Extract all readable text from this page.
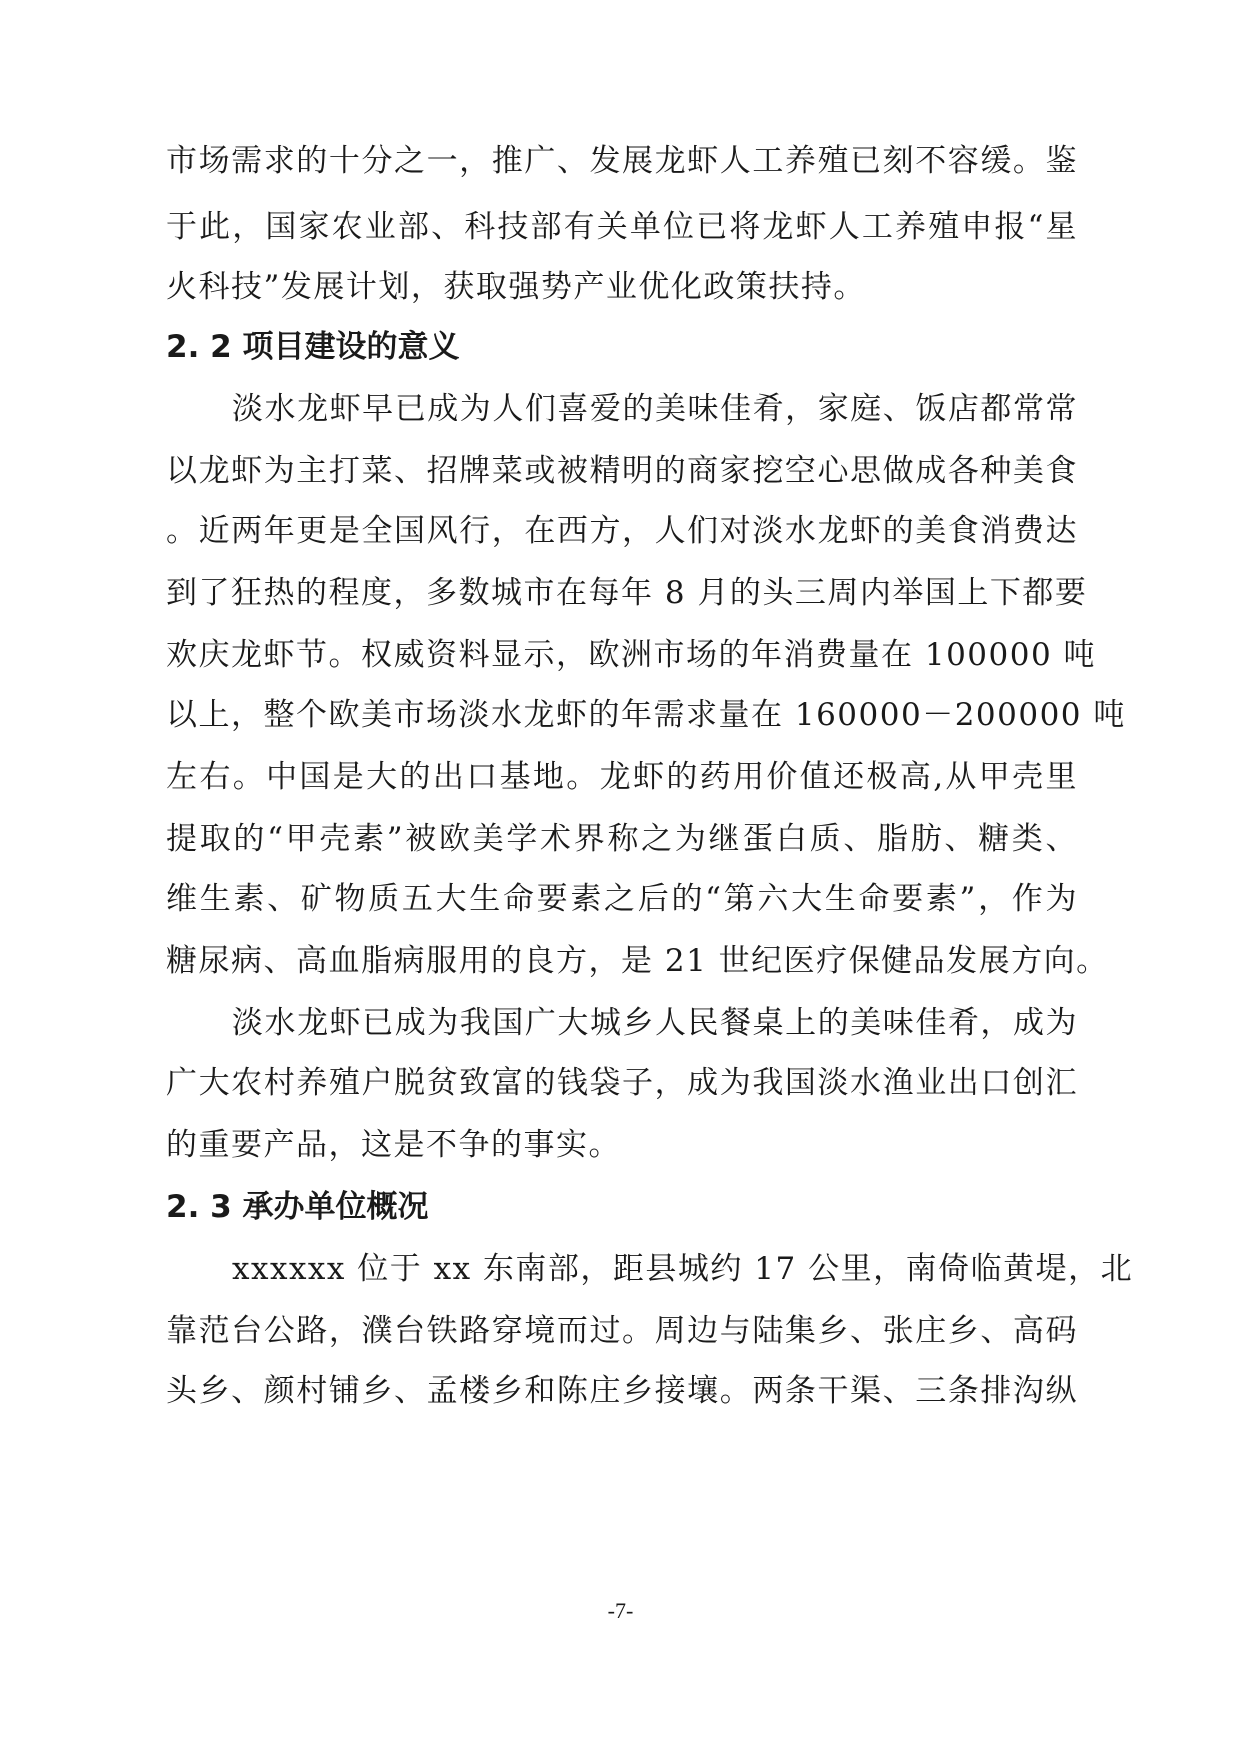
市场需求的十分之一，推广、发展龙虾人工养殖已刻不容缓。鉴
于此，国家农业部、科技部有关单位已将龙虾人工养殖申报“星
火科技”发展计划，获取强势产业优化政策扶持。
2. 2 项目建设的意义
淡水龙虾早已成为人们喜爱的美味佳肴，家庭、饭店都常常
以龙虾为主打菜、招牌菜或被精明的商家挖空心思做成各种美食
。近两年更是全国风行，在西方，人们对淡水龙虾的美食消费达
到了狂热的程度，多数城市在每年 8 月的头三周内举国上下都要
欢庆龙虾节。权威资料显示，欧洲市场的年消费量在 100000 吨
以上，整个欧美市场淡水龙虾的年需求量在 160000－200000 吨
左右。中国是大的出口基地。龙虾的药用价值还极高,从甲壳里
提取的“甲壳素”被欧美学术界称之为继蛋白质、脂肪、糖类、
维生素、矿物质五大生命要素之后的“第六大生命要素”，作为
糖尿病、高血脂病服用的良方，是 21 世纪医疗保健品发展方向。
淡水龙虾已成为我国广大城乡人民餐桌上的美味佳肴，成为
广大农村养殖户脱贫致富的钱袋子，成为我国淡水渔业出口创汇
的重要产品，这是不争的事实。
2. 3 承办单位概况
xxxxxx 位于 xx 东南部，距县城约 17 公里，南倚临黄堤，北
靠范台公路，濮台铁路穿境而过。周边与陆集乡、张庄乡、高码
头乡、颜村铺乡、孟楼乡和陈庄乡接壤。两条干渠、三条排沟纵
-7-
